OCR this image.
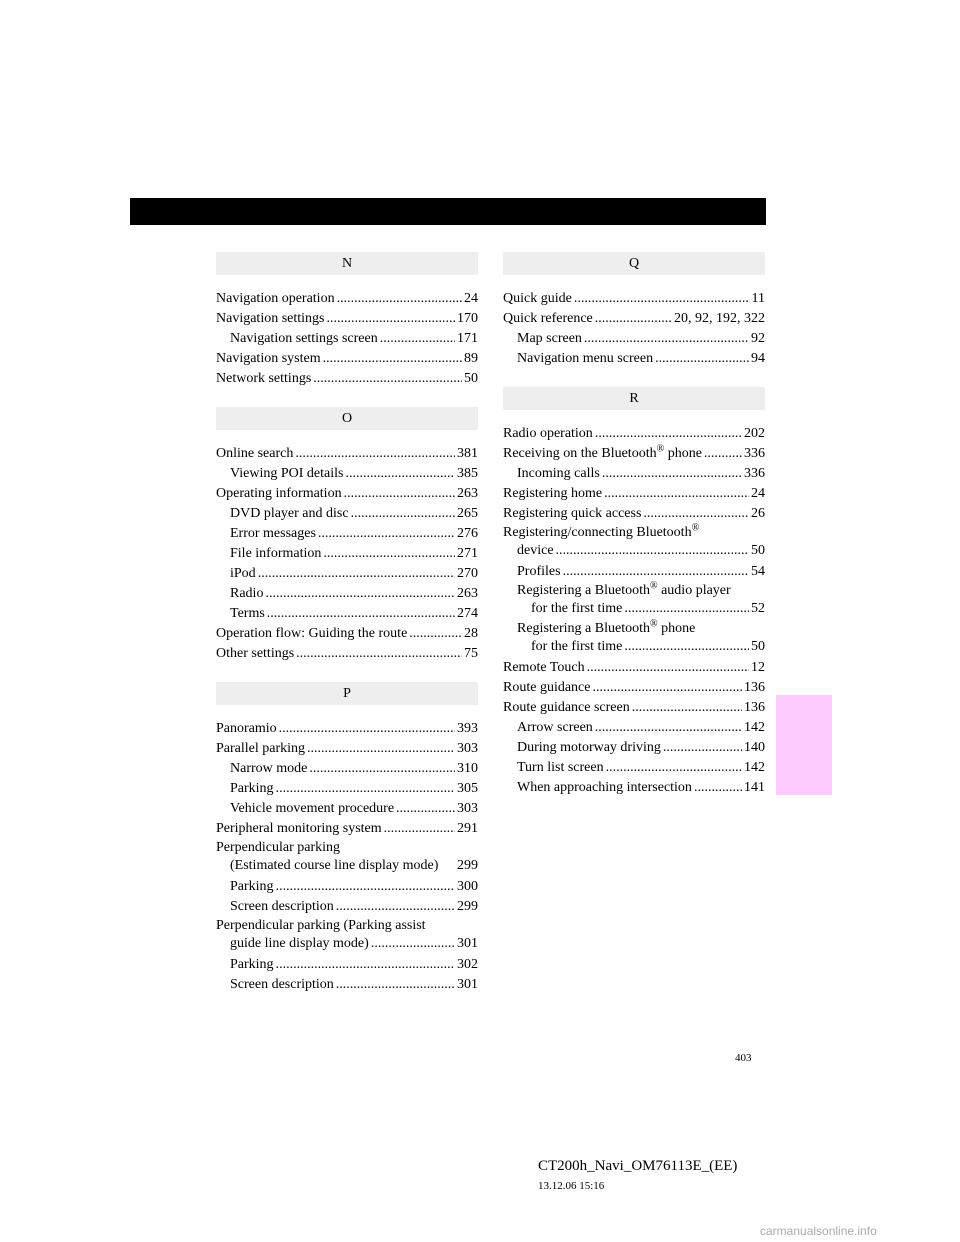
N
Navigation operation .....	24
Navigation settings .....	170
Navigation settings screen .....	171
Navigation system .....	89
Network settings .....	50
O
Online search .....	381
Viewing POI details .....	385
Operating information .....	263
DVD player and disc .....	265
Error messages .....	276
File information .....	271
iPod .....	270
Radio .....	263
Terms .....	274
Operation flow: Guiding the route .....	28
Other settings .....	75
P
Panoramio .....	393
Parallel parking .....	303
Narrow mode .....	310
Parking .....	305
Vehicle movement procedure .....	303
Peripheral monitoring system .....	291
Perpendicular parking
(Estimated course line display mode)	299
Parking .....	300
Screen description .....	299
Perpendicular parking (Parking assist
guide line display mode) .....	301
Parking .....	302
Screen description .....	301
Q
Quick guide .....	11
Quick reference .....	20, 92, 192, 322
Map screen .....	92
Navigation menu screen .....	94
R
Radio operation .....	202
Receiving on the Bluetooth® phone .....	336
Incoming calls .....	336
Registering home .....	24
Registering quick access .....	26
Registering/connecting Bluetooth®
device .....	50
Profiles .....	54
Registering a Bluetooth® audio player
for the first time .....	52
Registering a Bluetooth® phone
for the first time .....	50
Remote Touch .....	12
Route guidance .....	136
Route guidance screen .....	136
Arrow screen .....	142
During motorway driving .....	140
Turn list screen .....	142
When approaching intersection .....	141
403
CT200h_Navi_OM76113E_(EE)
13.12.06 15:16
carmanualsonline.info
